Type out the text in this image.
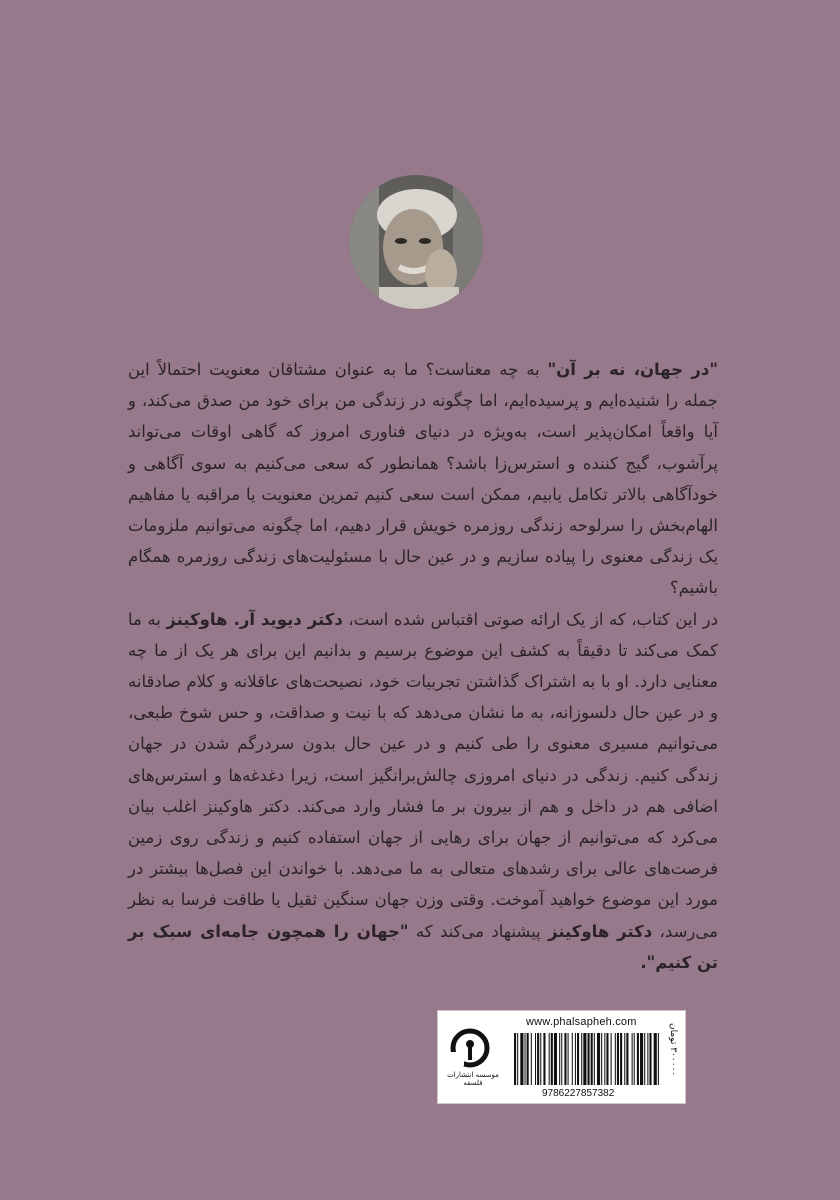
"در جهان، نه بر آن" به چه معناست؟ ما به عنوان مشتاقان معنویت احتمالاً این جمله را شنیده‌ایم و پرسیده‌ایم، اما چگونه در زندگی من برای خود من صدق می‌کند، و آیا واقعاً امکان‌پذیر است، به‌ویژه در دنیای فناوری امروز که گاهی اوقات می‌تواند پرآشوب، گیج کننده و استرس‌زا باشد؟ همانطور که سعی می‌کنیم به سوی آگاهی و خودآگاهی بالاتر تکامل یابیم، ممکن است سعی کنیم تمرین معنویت یا مراقبه یا مفاهیم الهام‌بخش را سرلوحه زندگی روزمره خویش قرار دهیم، اما چگونه می‌توانیم ملزومات یک زندگی معنوی را پیاده سازیم و در عین حال با مسئولیت‌های زندگی روزمره همگام باشیم؟

در این کتاب، که از یک ارائه صوتی اقتباس شده است، دکتر دیوید آر. هاوکینز به ما کمک می‌کند تا دقیقاً به کشف این موضوع برسیم و بدانیم این برای هر یک از ما چه معنایی دارد. او با به اشتراک گذاشتن تجربیات خود، نصیحت‌های عاقلانه و کلام صادقانه و در عین حال دلسوزانه، به ما نشان می‌دهد که با نیت و صداقت، و حس شوخ طبعی، می‌توانیم مسیری معنوی را طی کنیم و در عین حال بدون سردرگم شدن در جهان زندگی کنیم. زندگی در دنیای امروزی چالش‌برانگیز است، زیرا دغدغه‌ها و استرس‌های اضافی هم در داخل و هم از بیرون بر ما فشار وارد می‌کند. دکتر هاوکینز اغلب بیان می‌کرد که می‌توانیم از جهان برای رهایی از جهان استفاده کنیم و زندگی روی زمین فرصت‌های عالی برای رشدهای متعالی به ما می‌دهد. با خواندن این فصل‌ها بیشتر در مورد این موضوع خواهید آموخت. وقتی وزن جهان سنگین ثقیل یا طاقت فرسا به نظر می‌رسد، دکتر هاوکینز پیشنهاد می‌کند که "جهان را همچون جامه‌ای سبک بر تن کنیم".

www.phalsapheh.com
9786227857382
موسسه انتشارات فلسفه
۳۰۰۰۰۰ تومان
